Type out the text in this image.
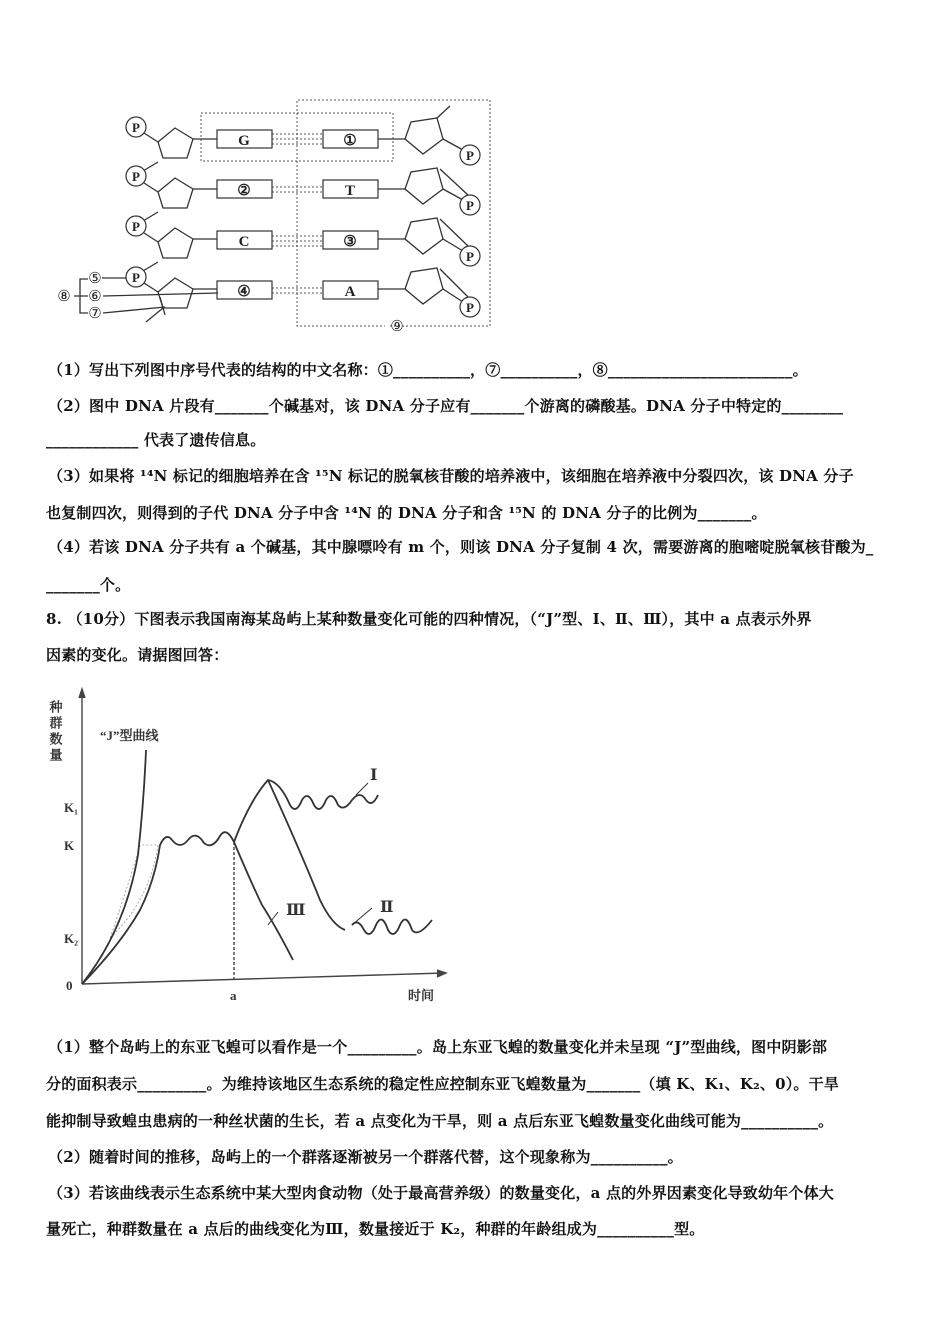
G
②
C
④
①
T
③
A
P
P
P
P
P
P
P
P
⑤
⑥
⑦
⑧
⑨
（1）写出下列图中序号代表的结构的中文名称：①__________，⑦__________，⑧________________________。
（2）图中 DNA 片段有_______个碱基对，该 DNA 分子应有_______个游离的磷酸基。DNA 分子中特定的________
____________ 代表了遗传信息。
（3）如果将 ¹⁴N 标记的细胞培养在含 ¹⁵N 标记的脱氧核苷酸的培养液中，该细胞在培养液中分裂四次，该 DNA 分子
也复制四次，则得到的子代 DNA 分子中含 ¹⁴N 的 DNA 分子和含 ¹⁵N 的 DNA 分子的比例为_______。
（4）若该 DNA 分子共有 a 个碱基，其中腺嘌呤有 m 个，则该 DNA 分子复制 4 次，需要游离的胞嘧啶脱氧核苷酸为_
_______个。
8. （10分）下图表示我国南海某岛屿上某种数量变化可能的四种情况，（“J”型、Ⅰ、Ⅱ、Ⅲ），其中 a 点表示外界
因素的变化。请据图回答：
种群数量
时间
0
K₁
K
K₂
a
“J”型曲线
Ⅰ
Ⅱ
Ⅲ
（1）整个岛屿上的东亚飞蝗可以看作是一个_________。岛上东亚飞蝗的数量变化并未呈现 “J”型曲线，图中阴影部
分的面积表示_________。为维持该地区生态系统的稳定性应控制东亚飞蝗数量为_______（填 K、K₁、K₂、0）。干旱
能抑制导致蝗虫患病的一种丝状菌的生长，若 a 点变化为干旱，则 a 点后东亚飞蝗数量变化曲线可能为__________。
（2）随着时间的推移，岛屿上的一个群落逐渐被另一个群落代替，这个现象称为__________。
（3）若该曲线表示生态系统中某大型肉食动物（处于最高营养级）的数量变化，a 点的外界因素变化导致幼年个体大
量死亡，种群数量在 a 点后的曲线变化为Ⅲ，数量接近于 K₂，种群的年龄组成为__________型。
